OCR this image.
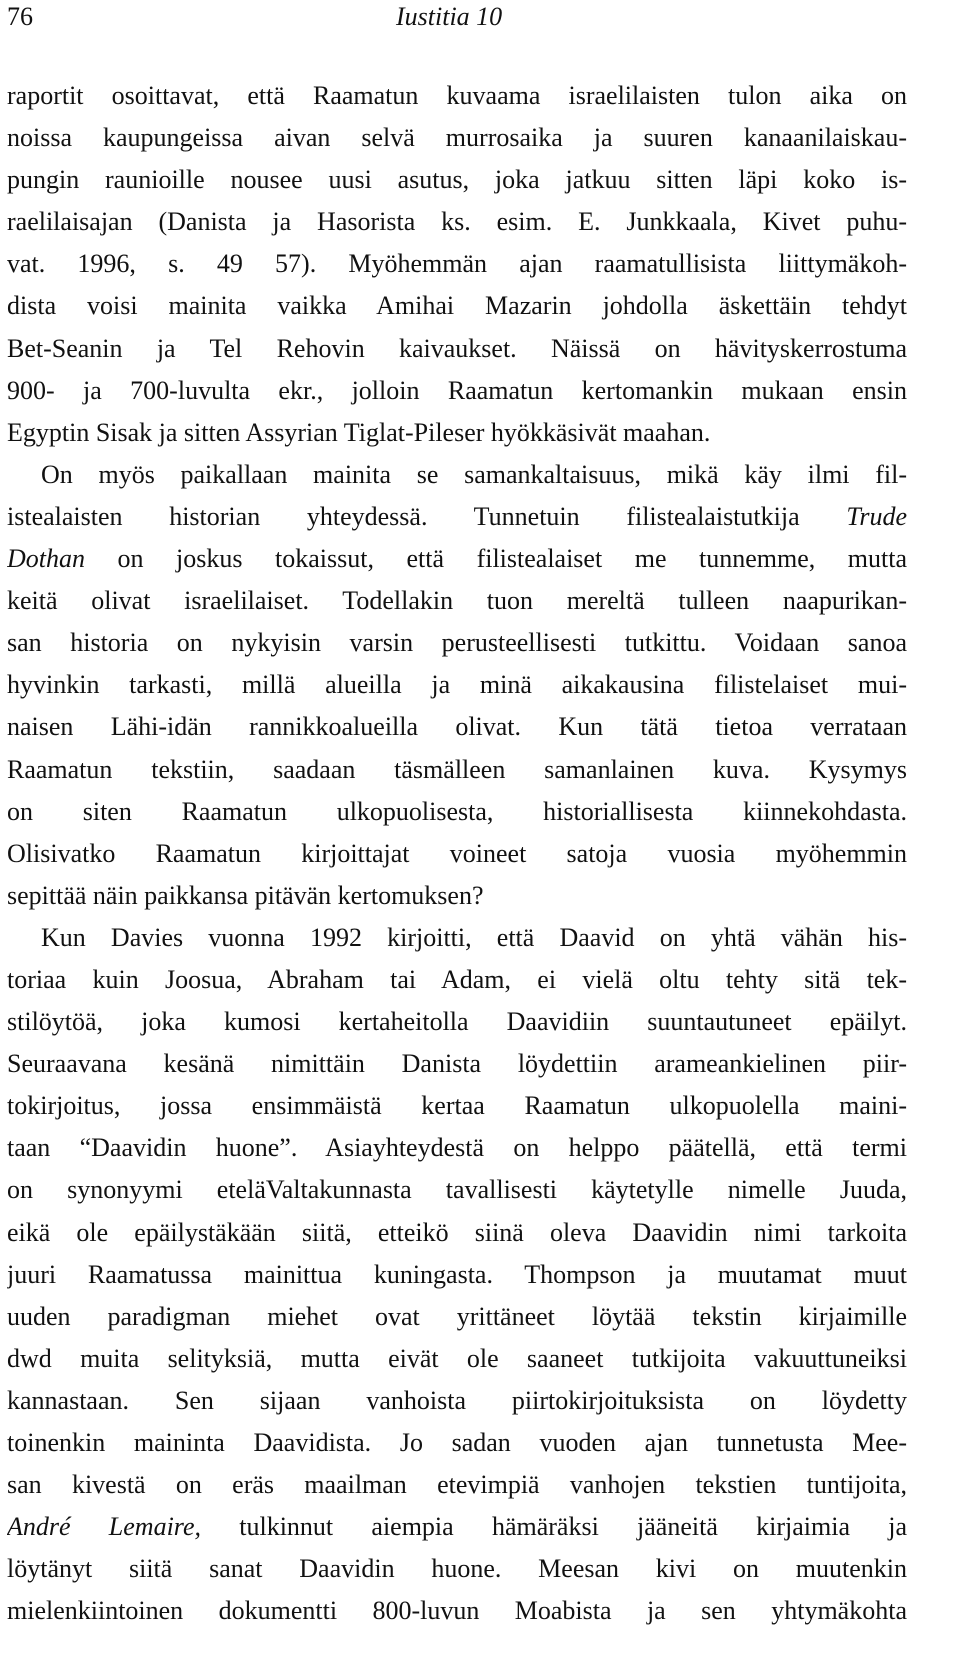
76	Iustitia 10
raportit osoittavat, että Raamatun kuvaama israelilaisten tulon aika on
noissa kaupungeissa aivan selvä murrosaika ja suuren kanaanilaiskau-
pungin raunioille nousee uusi asutus, joka jatkuu sitten läpi koko is-
raelilaisajan (Danista ja Hasorista ks. esim. E. Junkkaala, Kivet puhu-
vat. 1996, s. 49 57). Myöhemmän ajan raamatullisista liittymäkoh-
dista voisi mainita vaikka Amihai Mazarin johdolla äskettäin tehdyt
Bet-Seanin ja Tel Rehovin kaivaukset. Näissä on hävityskerrostuma
900- ja 700-luvulta ekr., jolloin Raamatun kertomankin mukaan ensin
Egyptin Sisak ja sitten Assyrian Tiglat-Pileser hyökkäsivät maahan.
On myös paikallaan mainita se samankaltaisuus, mikä käy ilmi fil-
istealaisten historian yhteydessä. Tunnetuin filistealaistutkija Trude
Dothan on joskus tokaissut, että filistealaiset me tunnemme, mutta
keitä olivat israelilaiset. Todellakin tuon mereltä tulleen naapurikan-
san historia on nykyisin varsin perusteellisesti tutkittu. Voidaan sanoa
hyvinkin tarkasti, millä alueilla ja minä aikakausina filistelaiset mui-
naisen Lähi-idän rannikkoalueilla olivat. Kun tätä tietoa verrataan
Raamatun tekstiin, saadaan täsmälleen samanlainen kuva. Kysymys
on siten Raamatun ulkopuolisesta, historiallisesta kiinnekohdasta.
Olisivatko Raamatun kirjoittajat voineet satoja vuosia myöhemmin
sepittää näin paikkansa pitävän kertomuksen?
Kun Davies vuonna 1992 kirjoitti, että Daavid on yhtä vähän his-
toriaa kuin Joosua, Abraham tai Adam, ei vielä oltu tehty sitä tek-
stilöytöä, joka kumosi kertaheitolla Daavidiin suuntautuneet epäilyt.
Seuraavana kesänä nimittäin Danista löydettiin arameankielinen piir-
tokirjoitus, jossa ensimmäistä kertaa Raamatun ulkopuolella maini-
taan “Daavidin huone”. Asiayhteydestä on helppo päätellä, että termi
on synonyymi eteläValtakunnasta tavallisesti käytetylle nimelle Juuda,
eikä ole epäilystäkään siitä, etteikö siinä oleva Daavidin nimi tarkoita
juuri Raamatussa mainittua kuningasta. Thompson ja muutamat muut
uuden paradigman miehet ovat yrittäneet löytää tekstin kirjaimille
dwd muita selityksiä, mutta eivät ole saaneet tutkijoita vakuuttuneiksi
kannastaan. Sen sijaan vanhoista piirtokirjoituksista on löydetty
toinenkin maininta Daavidista. Jo sadan vuoden ajan tunnetusta Mee-
san kivestä on eräs maailman etevimpiä vanhojen tekstien tuntijoita,
André Lemaire, tulkinnut aiempia hämäräksi jääneitä kirjaimia ja
löytänyt siitä sanat Daavidin huone. Meesan kivi on muutenkin
mielenkiintoinen dokumentti 800-luvun Moabista ja sen yhtymäkohta
